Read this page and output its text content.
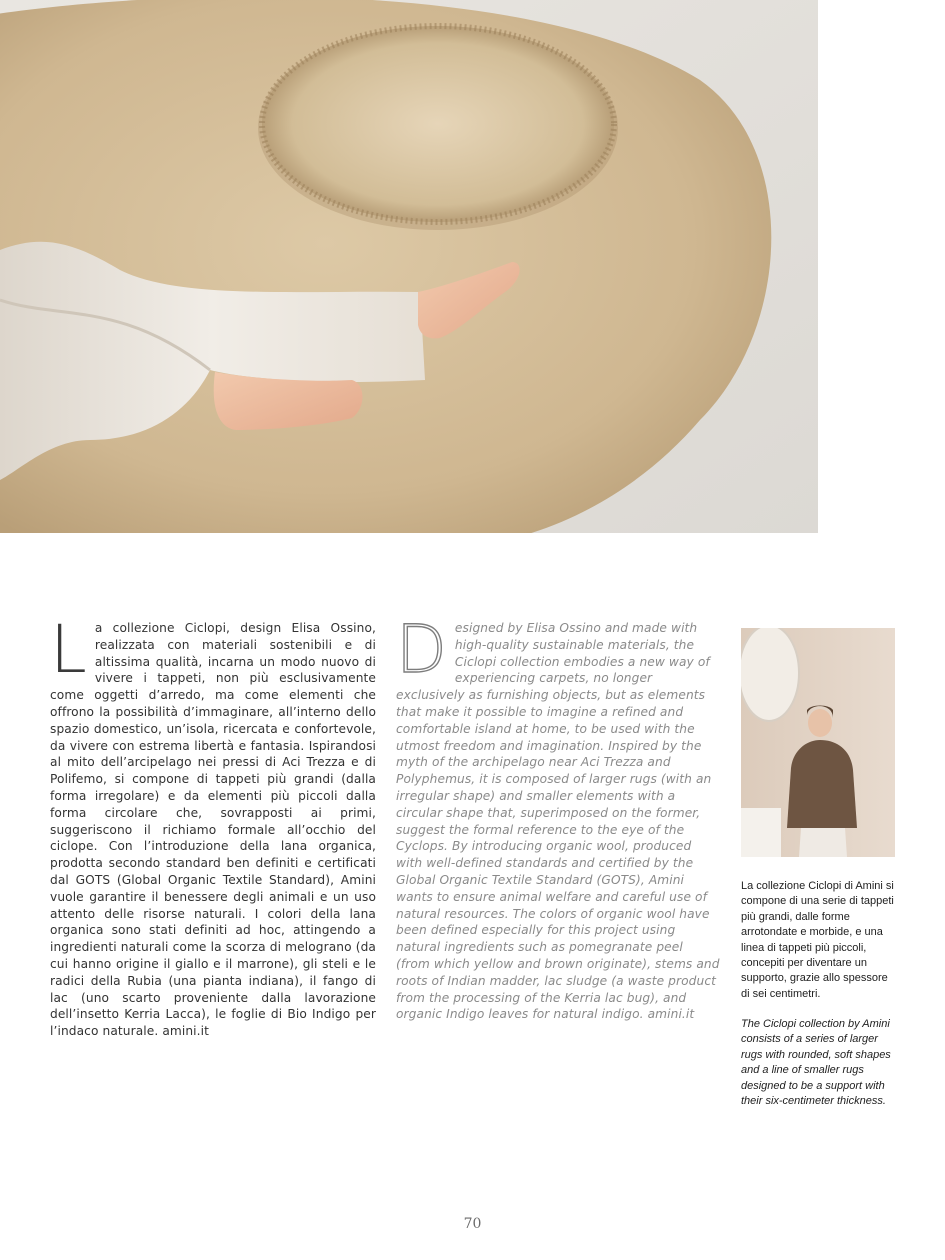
L a collezione Ciclopi, design Elisa Ossino, realizzata con materiali sostenibili e di altissima qualità, incarna un modo nuovo di vivere i tappeti, non più esclusivamente come oggetti d’arredo, ma come elementi che offrono la possibilità d’immaginare, all’interno dello spazio domestico, un’isola, ricercata e confortevole, da vivere con estrema libertà e fantasia. Ispirandosi al mito dell’arcipelago nei pressi di Aci Trezza e di Polifemo, si compone di tappeti più grandi (dalla forma irregolare) e da elementi più piccoli dalla forma circolare che, sovrapposti ai primi, suggeriscono il richiamo formale all’occhio del ciclope. Con l’introduzione della lana organica, prodotta secondo standard ben definiti e certificati dal GOTS (Global Organic Textile Standard), Amini vuole garantire il benessere degli animali e un uso attento delle risorse naturali. I colori della lana organica sono stati definiti ad hoc, attingendo a ingredienti naturali come la scorza di melograno (da cui hanno origine il giallo e il marrone), gli steli e le radici della Rubia (una pianta indiana), il fango di lac (uno scarto proveniente dalla lavorazione dell’insetto Kerria Lacca), le foglie di Bio Indigo per l’indaco naturale. amini.it
D esigned by Elisa Ossino and made with high-quality sustainable materials, the Ciclopi collection embodies a new way of experiencing carpets, no longer exclusively as furnishing objects, but as elements that make it possible to imagine a refined and comfortable island at home, to be used with the utmost freedom and imagination. Inspired by the myth of the archipelago near Aci Trezza and Polyphemus, it is composed of larger rugs (with an irregular shape) and smaller elements with a circular shape that, superimposed on the former, suggest the formal reference to the eye of the Cyclops. By introducing organic wool, produced with well-defined standards and certified by the Global Organic Textile Standard (GOTS), Amini wants to ensure animal welfare and careful use of natural resources. The colors of organic wool have been defined especially for this project using natural ingredients such as pomegranate peel (from which yellow and brown originate), stems and roots of Indian madder, lac sludge (a waste product from the processing of the Kerria lac bug), and organic Indigo leaves for natural indigo. amini.it
La collezione Ciclopi di Amini si compone di una serie di tappeti più grandi, dalle forme arrotondate e morbide, e una linea di tappeti più piccoli, concepiti per diventare un supporto, grazie allo spessore di sei centimetri.
The Ciclopi collection by Amini consists of a series of larger rugs with rounded, soft shapes and a line of smaller rugs designed to be a support with their six-centimeter thickness.
70
